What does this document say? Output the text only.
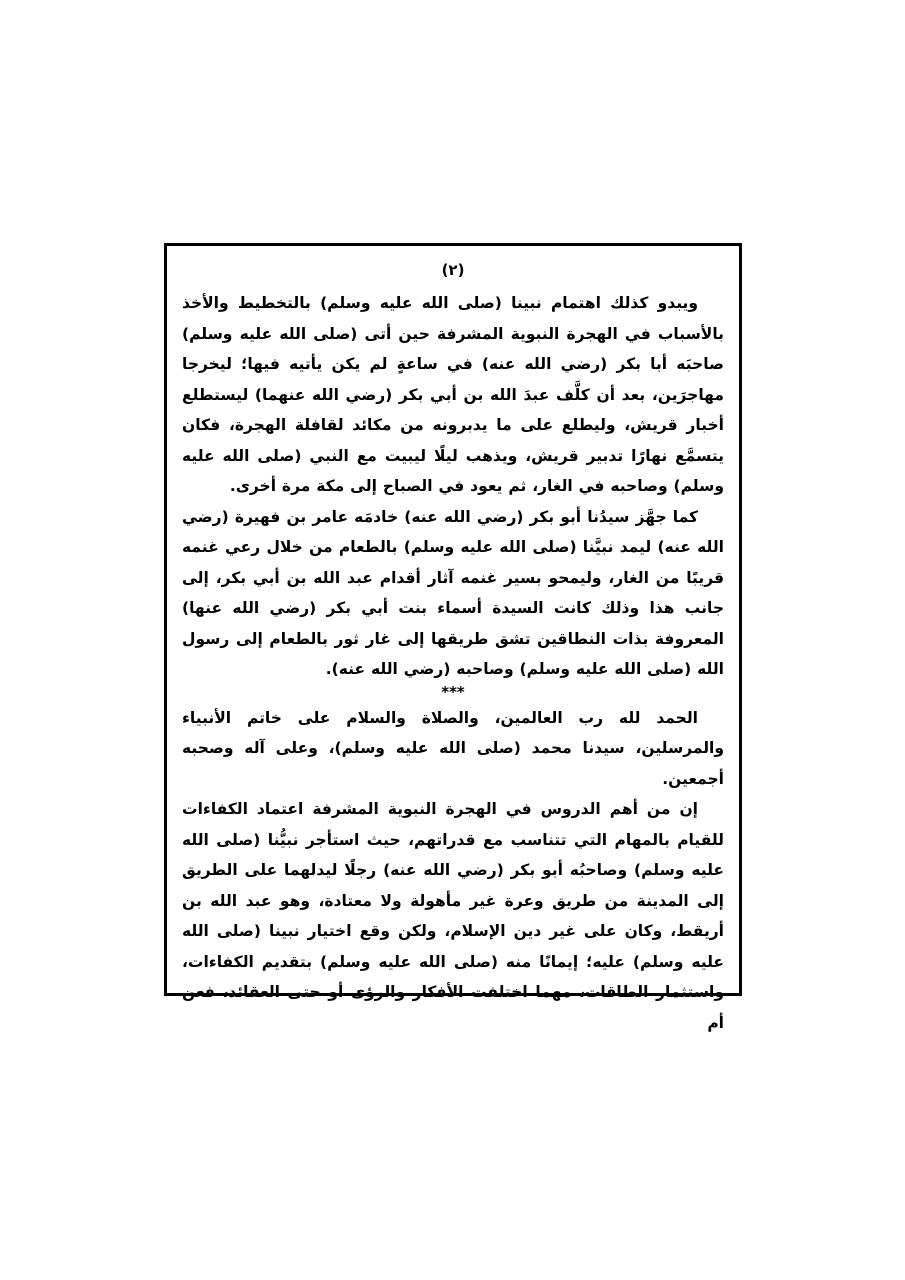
(٢)

ويبدو كذلك اهتمام نبينا (صلى الله عليه وسلم) بالتخطيط والأخذ بالأسباب في الهجرة النبوية المشرفة حين أتى (صلى الله عليه وسلم) صاحبَه أبا بكر (رضي الله عنه) في ساعةٍ لم يكن يأتيه فيها؛ ليخرجا مهاجرَين، بعد أن كلَّف عبدَ الله بن أبي بكر (رضي الله عنهما) ليستطلع أخبار قريش، وليطلع على ما يدبرونه من مكائد لقافلة الهجرة، فكان يتسمَّع نهارًا تدبير قريش، ويذهب ليلًا ليبيت مع النبي (صلى الله عليه وسلم) وصاحبه في الغار، ثم يعود في الصباح إلى مكة مرة أخرى.

كما جهَّز سيدُنا أبو بكر (رضي الله عنه) خادمَه عامر بن فهيرة (رضي الله عنه) ليمد نبيَّنا (صلى الله عليه وسلم) بالطعام من خلال رعي غنمه قريبًا من الغار، وليمحو بسير غنمه آثار أقدام عبد الله بن أبي بكر، إلى جانب هذا وذلك كانت السيدة أسماء بنت أبي بكر (رضي الله عنها) المعروفة بذات النطاقين تشق طريقها إلى غار ثور بالطعام إلى رسول الله (صلى الله عليه وسلم) وصاحبه (رضي الله عنه).

***

الحمد لله رب العالمين، والصلاة والسلام على خاتم الأنبياء والمرسلين، سيدنا محمد (صلى الله عليه وسلم)، وعلى آله وصحبه أجمعين.

إن من أهم الدروس في الهجرة النبوية المشرفة اعتماد الكفاءات للقيام بالمهام التي تتناسب مع قدراتهم، حيث استأجر نبيُّنا (صلى الله عليه وسلم) وصاحبُه أبو بكر (رضي الله عنه) رجلًا ليدلهما على الطريق إلى المدينة من طريق وعرة غير مأهولة ولا معتادة، وهو عبد الله بن أريقط، وكان على غير دين الإسلام، ولكن وقع اختيار نبينا (صلى الله عليه وسلم) عليه؛ إيمانًا منه (صلى الله عليه وسلم) بتقديم الكفاءات، واستثمار الطاقات، مهما اختلفت الأفكار والرؤى أو حتى العقائد، فعن أم
